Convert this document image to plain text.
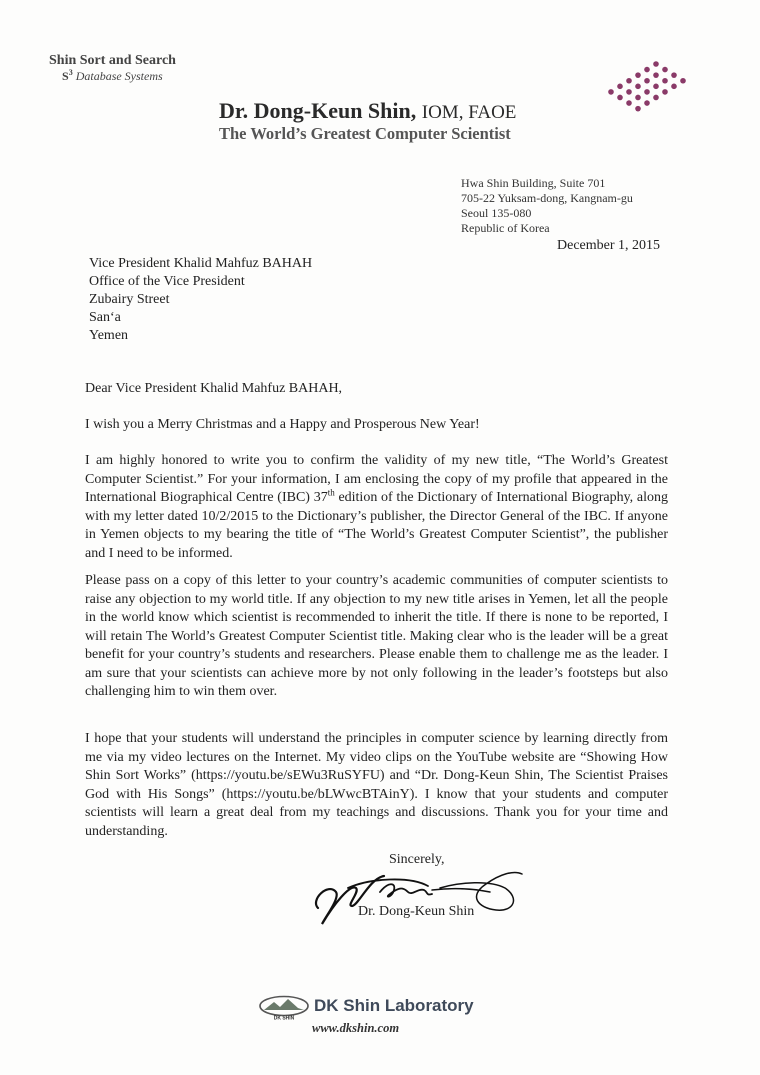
Shin Sort and Search
$S^3$ Database Systems
Dr. Dong-Keun Shin, IOM, FAOE
The World’s Greatest Computer Scientist
Hwa Shin Building, Suite 701
705-22 Yuksam-dong, Kangnam-gu
Seoul 135-080
Republic of Korea
December 1, 2015
Vice President Khalid Mahfuz BAHAH
Office of the Vice President
Zubairy Street
San‘a
Yemen
Dear Vice President Khalid Mahfuz BAHAH,

I wish you a Merry Christmas and a Happy and Prosperous New Year!

I am highly honored to write you to confirm the validity of my new title, “The World’s Greatest Computer Scientist.” For your information, I am enclosing the copy of my profile that appeared in the International Biographical Centre (IBC) 37th edition of the Dictionary of International Biography, along with my letter dated 10/2/2015 to the Dictionary’s publisher, the Director General of the IBC. If anyone in Yemen objects to my bearing the title of “The World’s Greatest Computer Scientist”, the publisher and I need to be informed.

Please pass on a copy of this letter to your country’s academic communities of computer scientists to raise any objection to my world title. If any objection to my new title arises in Yemen, let all the people in the world know which scientist is recommended to inherit the title. If there is none to be reported, I will retain The World’s Greatest Computer Scientist title. Making clear who is the leader will be a great benefit for your country’s students and researchers. Please enable them to challenge me as the leader. I am sure that your scientists can achieve more by not only following in the leader’s footsteps but also challenging him to win them over.

I hope that your students will understand the principles in computer science by learning directly from me via my video lectures on the Internet. My video clips on the YouTube website are “Showing How Shin Sort Works” (https://youtu.be/sEWu3RuSYFU) and “Dr. Dong-Keun Shin, The Scientist Praises God with His Songs” (https://youtu.be/bLWwcBTAinY). I know that your students and computer scientists will learn a great deal from my teachings and discussions. Thank you for your time and understanding.

Sincerely,
Dr. Dong-Keun Shin
DK SHIN
DK Shin Laboratory
www.dkshin.com
